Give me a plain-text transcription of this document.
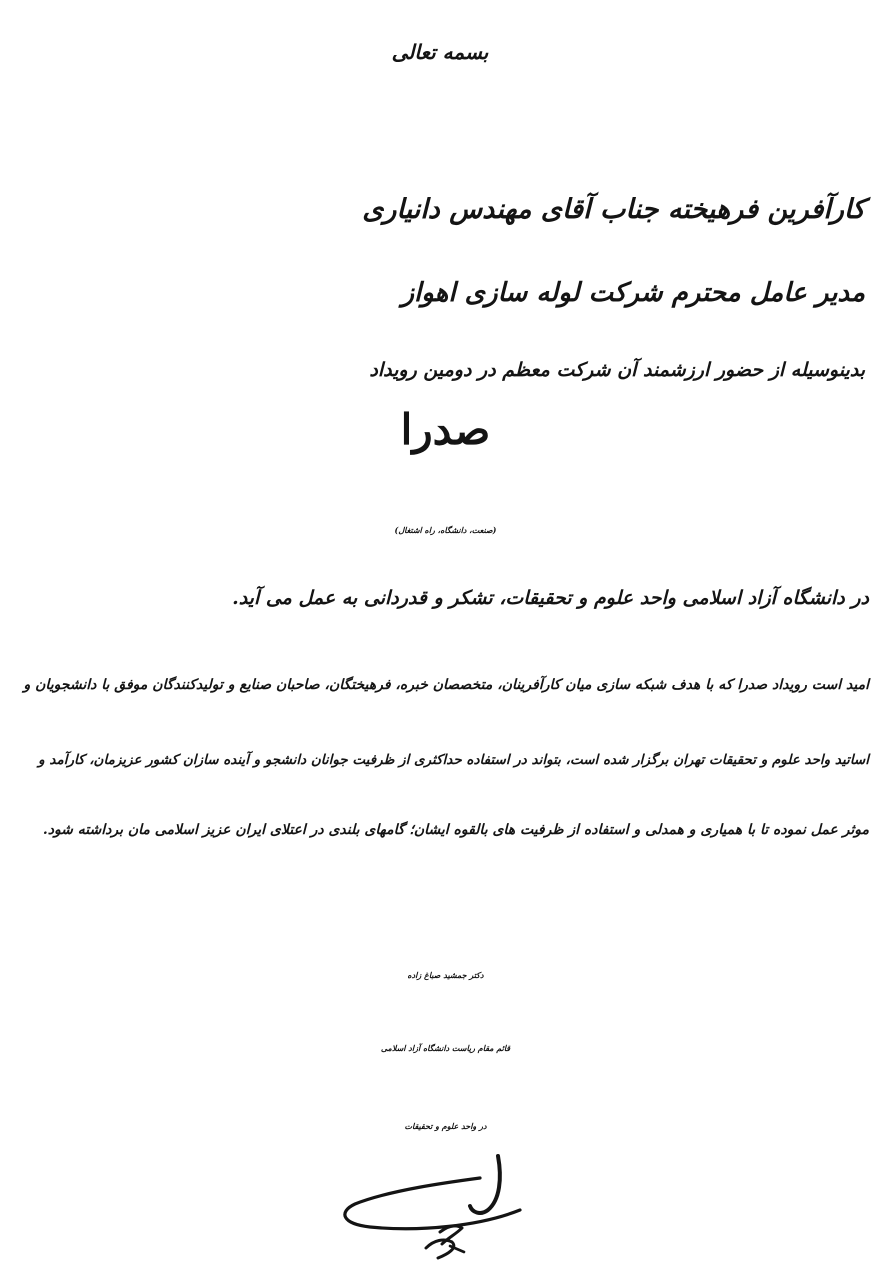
بسمه تعالی
کارآفرین فرهیخته جناب آقای مهندس دانیاری
مدیر عامل محترم شرکت لوله سازی اهواز
بدینوسیله از حضور ارزشمند آن شرکت معظم در دومین رویداد
صدرا
(صنعت، دانشگاه، راه اشتغال)
در دانشگاه آزاد اسلامی واحد علوم و تحقیقات، تشکر و قدردانی به عمل می آید.
امید است رویداد صدرا که با هدف شبکه سازی میان کارآفرینان، متخصصان خبره، فرهیختگان، صاحبان صنایع و تولیدکنندگان موفق با دانشجویان و
اساتید واحد علوم و تحقیقات تهران برگزار شده است، بتواند در استفاده حداکثری از ظرفیت جوانان دانشجو و آینده سازان کشور عزیزمان، کارآمد و
موثر عمل نموده تا با همیاری و همدلی و استفاده از ظرفیت های بالقوه ایشان؛ گامهای بلندی در اعتلای ایران عزیز اسلامی مان برداشته شود.
دکتر جمشید صباغ زاده
قائم مقام ریاست دانشگاه آزاد اسلامی
در واحد علوم و تحقیقات
